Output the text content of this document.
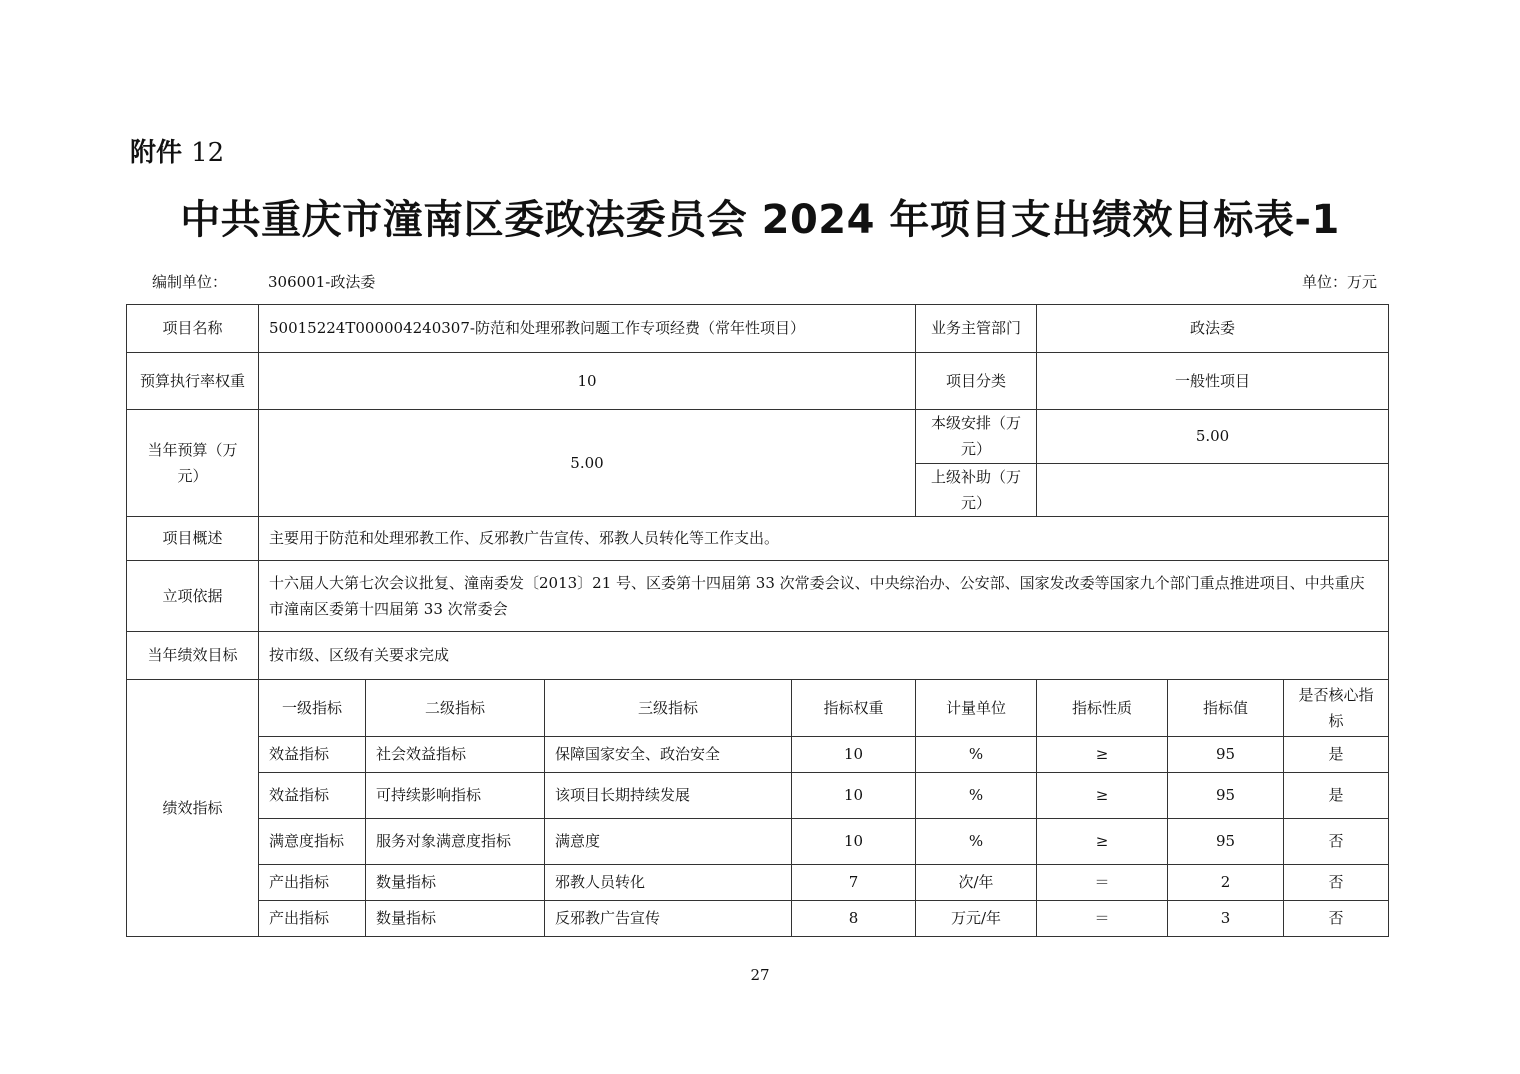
附件 12
中共重庆市潼南区委政法委员会 2024 年项目支出绩效目标表-1
编制单位：	306001-政法委	单位：万元
项目名称	50015224T000004240307-防范和处理邪教问题工作专项经费（常年性项目）				业务主管部门	政法委		
预算执行率权重	10				项目分类	一般性项目		
当年预算（万元）	5.00				本级安排（万元）	5.00		
					上级补助（万元）			
项目概述	主要用于防范和处理邪教工作、反邪教广告宣传、邪教人员转化等工作支出。							
立项依据	十六届人大第七次会议批复、潼南委发〔2013〕21 号、区委第十四届第 33 次常委会议、中央综治办、公安部、国家发改委等国家九个部门重点推进项目、中共重庆市潼南区委第十四届第 33 次常委会							
当年绩效目标	按市级、区级有关要求完成							
绩效指标	一级指标	二级指标	三级指标	指标权重	计量单位	指标性质	指标值	是否核心指标
	效益指标	社会效益指标	保障国家安全、政治安全	10	%	≥	95	是
	效益指标	可持续影响指标	该项目长期持续发展	10	%	≥	95	是
	满意度指标	服务对象满意度指标	满意度	10	%	≥	95	否
	产出指标	数量指标	邪教人员转化	7	次/年	＝	2	否
	产出指标	数量指标	反邪教广告宣传	8	万元/年	＝	3	否
27
